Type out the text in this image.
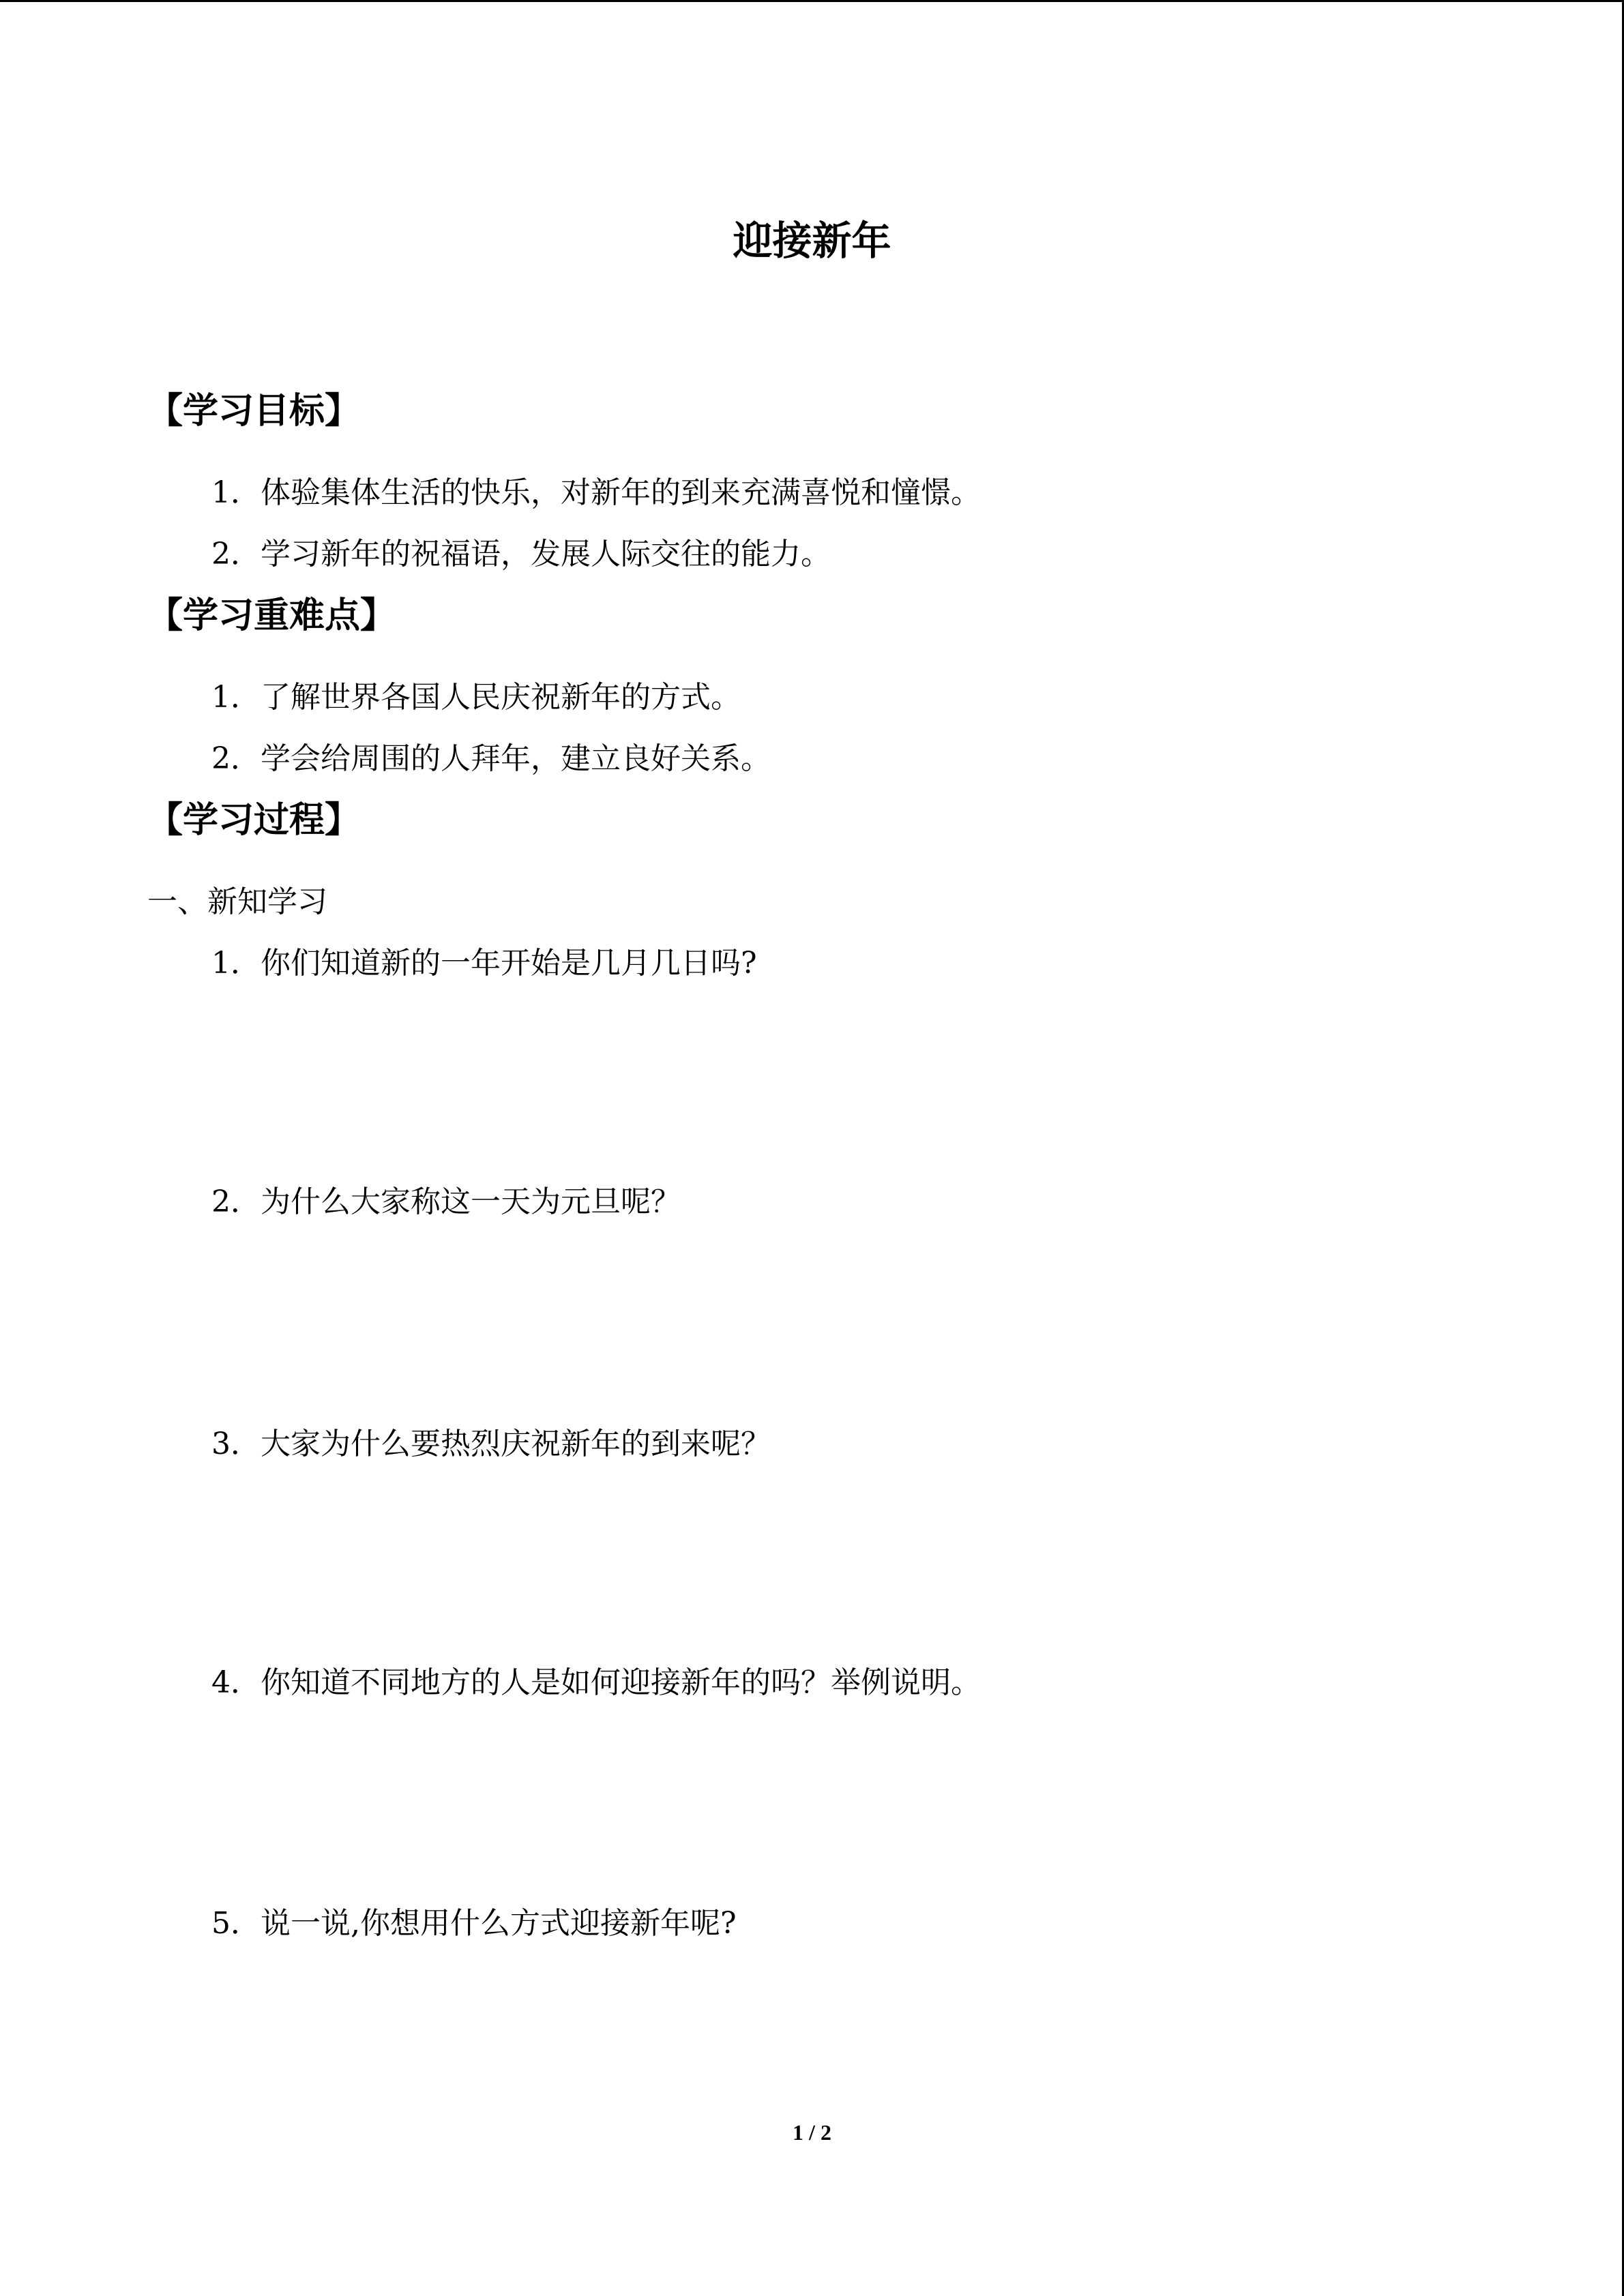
迎接新年
【学习目标】
1．体验集体生活的快乐，对新年的到来充满喜悦和憧憬。
2．学习新年的祝福语，发展人际交往的能力。
【学习重难点】
1．了解世界各国人民庆祝新年的方式。
2．学会给周围的人拜年，建立良好关系。
【学习过程】
一、新知学习
1．你们知道新的一年开始是几月几日吗?
2．为什么大家称这一天为元旦呢？
3．大家为什么要热烈庆祝新年的到来呢？
4．你知道不同地方的人是如何迎接新年的吗？举例说明。
5．说一说,你想用什么方式迎接新年呢?
1 / 2
